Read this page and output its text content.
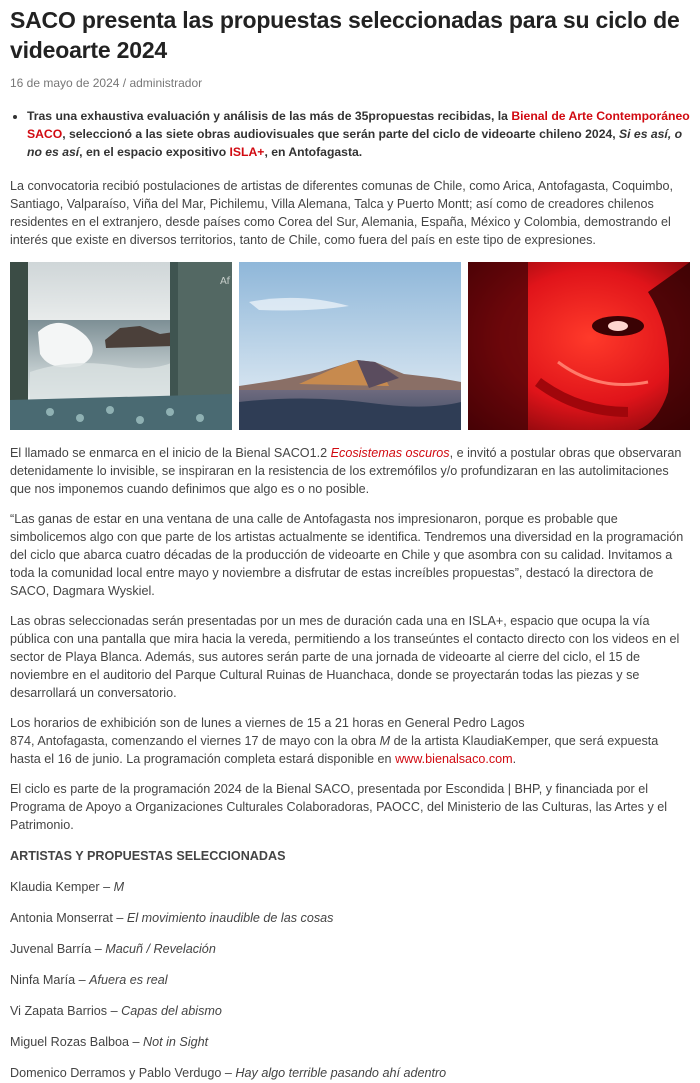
SACO presenta las propuestas seleccionadas para su ciclo de videoarte 2024
16 de mayo de 2024 / administrador
• Tras una exhaustiva evaluación y análisis de las más de 35propuestas recibidas, la Bienal de Arte Contemporáneo SACO, seleccionó a las siete obras audiovisuales que serán parte del ciclo de videoarte chileno 2024, Si es así, o no es así, en el espacio expositivo ISLA+, en Antofagasta.

La convocatoria recibió postulaciones de artistas de diferentes comunas de Chile, como Arica, Antofagasta, Coquimbo, Santiago, Valparaíso, Viña del Mar, Pichilemu, Villa Alemana, Talca y Puerto Montt; así como de creadores chilenos residentes en el extranjero, desde países como Corea del Sur, Alemania, España, México y Colombia, demostrando el interés que existe en diversos territorios, tanto de Chile, como fuera del país en este tipo de expresiones.

Af

El llamado se enmarca en el inicio de la Bienal SACO1.2 Ecosistemas oscuros, e invitó a postular obras que observaran detenidamente lo invisible, se inspiraran en la resistencia de los extremófilos y/o profundizaran en las autolimitaciones que nos imponemos cuando definimos que algo es o no posible.

“Las ganas de estar en una ventana de una calle de Antofagasta nos impresionaron, porque es probable que simbolicemos algo con que parte de los artistas actualmente se identifica. Tendremos una diversidad en la programación del ciclo que abarca cuatro décadas de la producción de videoarte en Chile y que asombra con su calidad. Invitamos a toda la comunidad local entre mayo y noviembre a disfrutar de estas increíbles propuestas”, destacó la directora de SACO, Dagmara Wyskiel.

Las obras seleccionadas serán presentadas por un mes de duración cada una en ISLA+, espacio que ocupa la vía pública con una pantalla que mira hacia la vereda, permitiendo a los transeúntes el contacto directo con los videos en el sector de Playa Blanca. Además, sus autores serán parte de una jornada de videoarte al cierre del ciclo, el 15 de noviembre en el auditorio del Parque Cultural Ruinas de Huanchaca, donde se proyectarán todas las piezas y se desarrollará un conversatorio.

Los horarios de exhibición son de lunes a viernes de 15 a 21 horas en General Pedro Lagos
874, Antofagasta, comenzando el viernes 17 de mayo con la obra M de la artista KlaudiaKemper, que será expuesta hasta el 16 de junio. La programación completa estará disponible en www.bienalsaco.com.

El ciclo es parte de la programación 2024 de la Bienal SACO, presentada por Escondida | BHP, y financiada por el Programa de Apoyo a Organizaciones Culturales Colaboradoras, PAOCC, del Ministerio de las Culturas, las Artes y el Patrimonio.

ARTISTAS Y PROPUESTAS SELECCIONADAS

Klaudia Kemper – M

Antonia Monserrat – El movimiento inaudible de las cosas

Juvenal Barría – Macuñ / Revelación

Ninfa María – Afuera es real

Vi Zapata Barrios – Capas del abismo

Miguel Rozas Balboa – Not in Sight

Domenico Derramos y Pablo Verdugo – Hay algo terrible pasando ahí adentro
